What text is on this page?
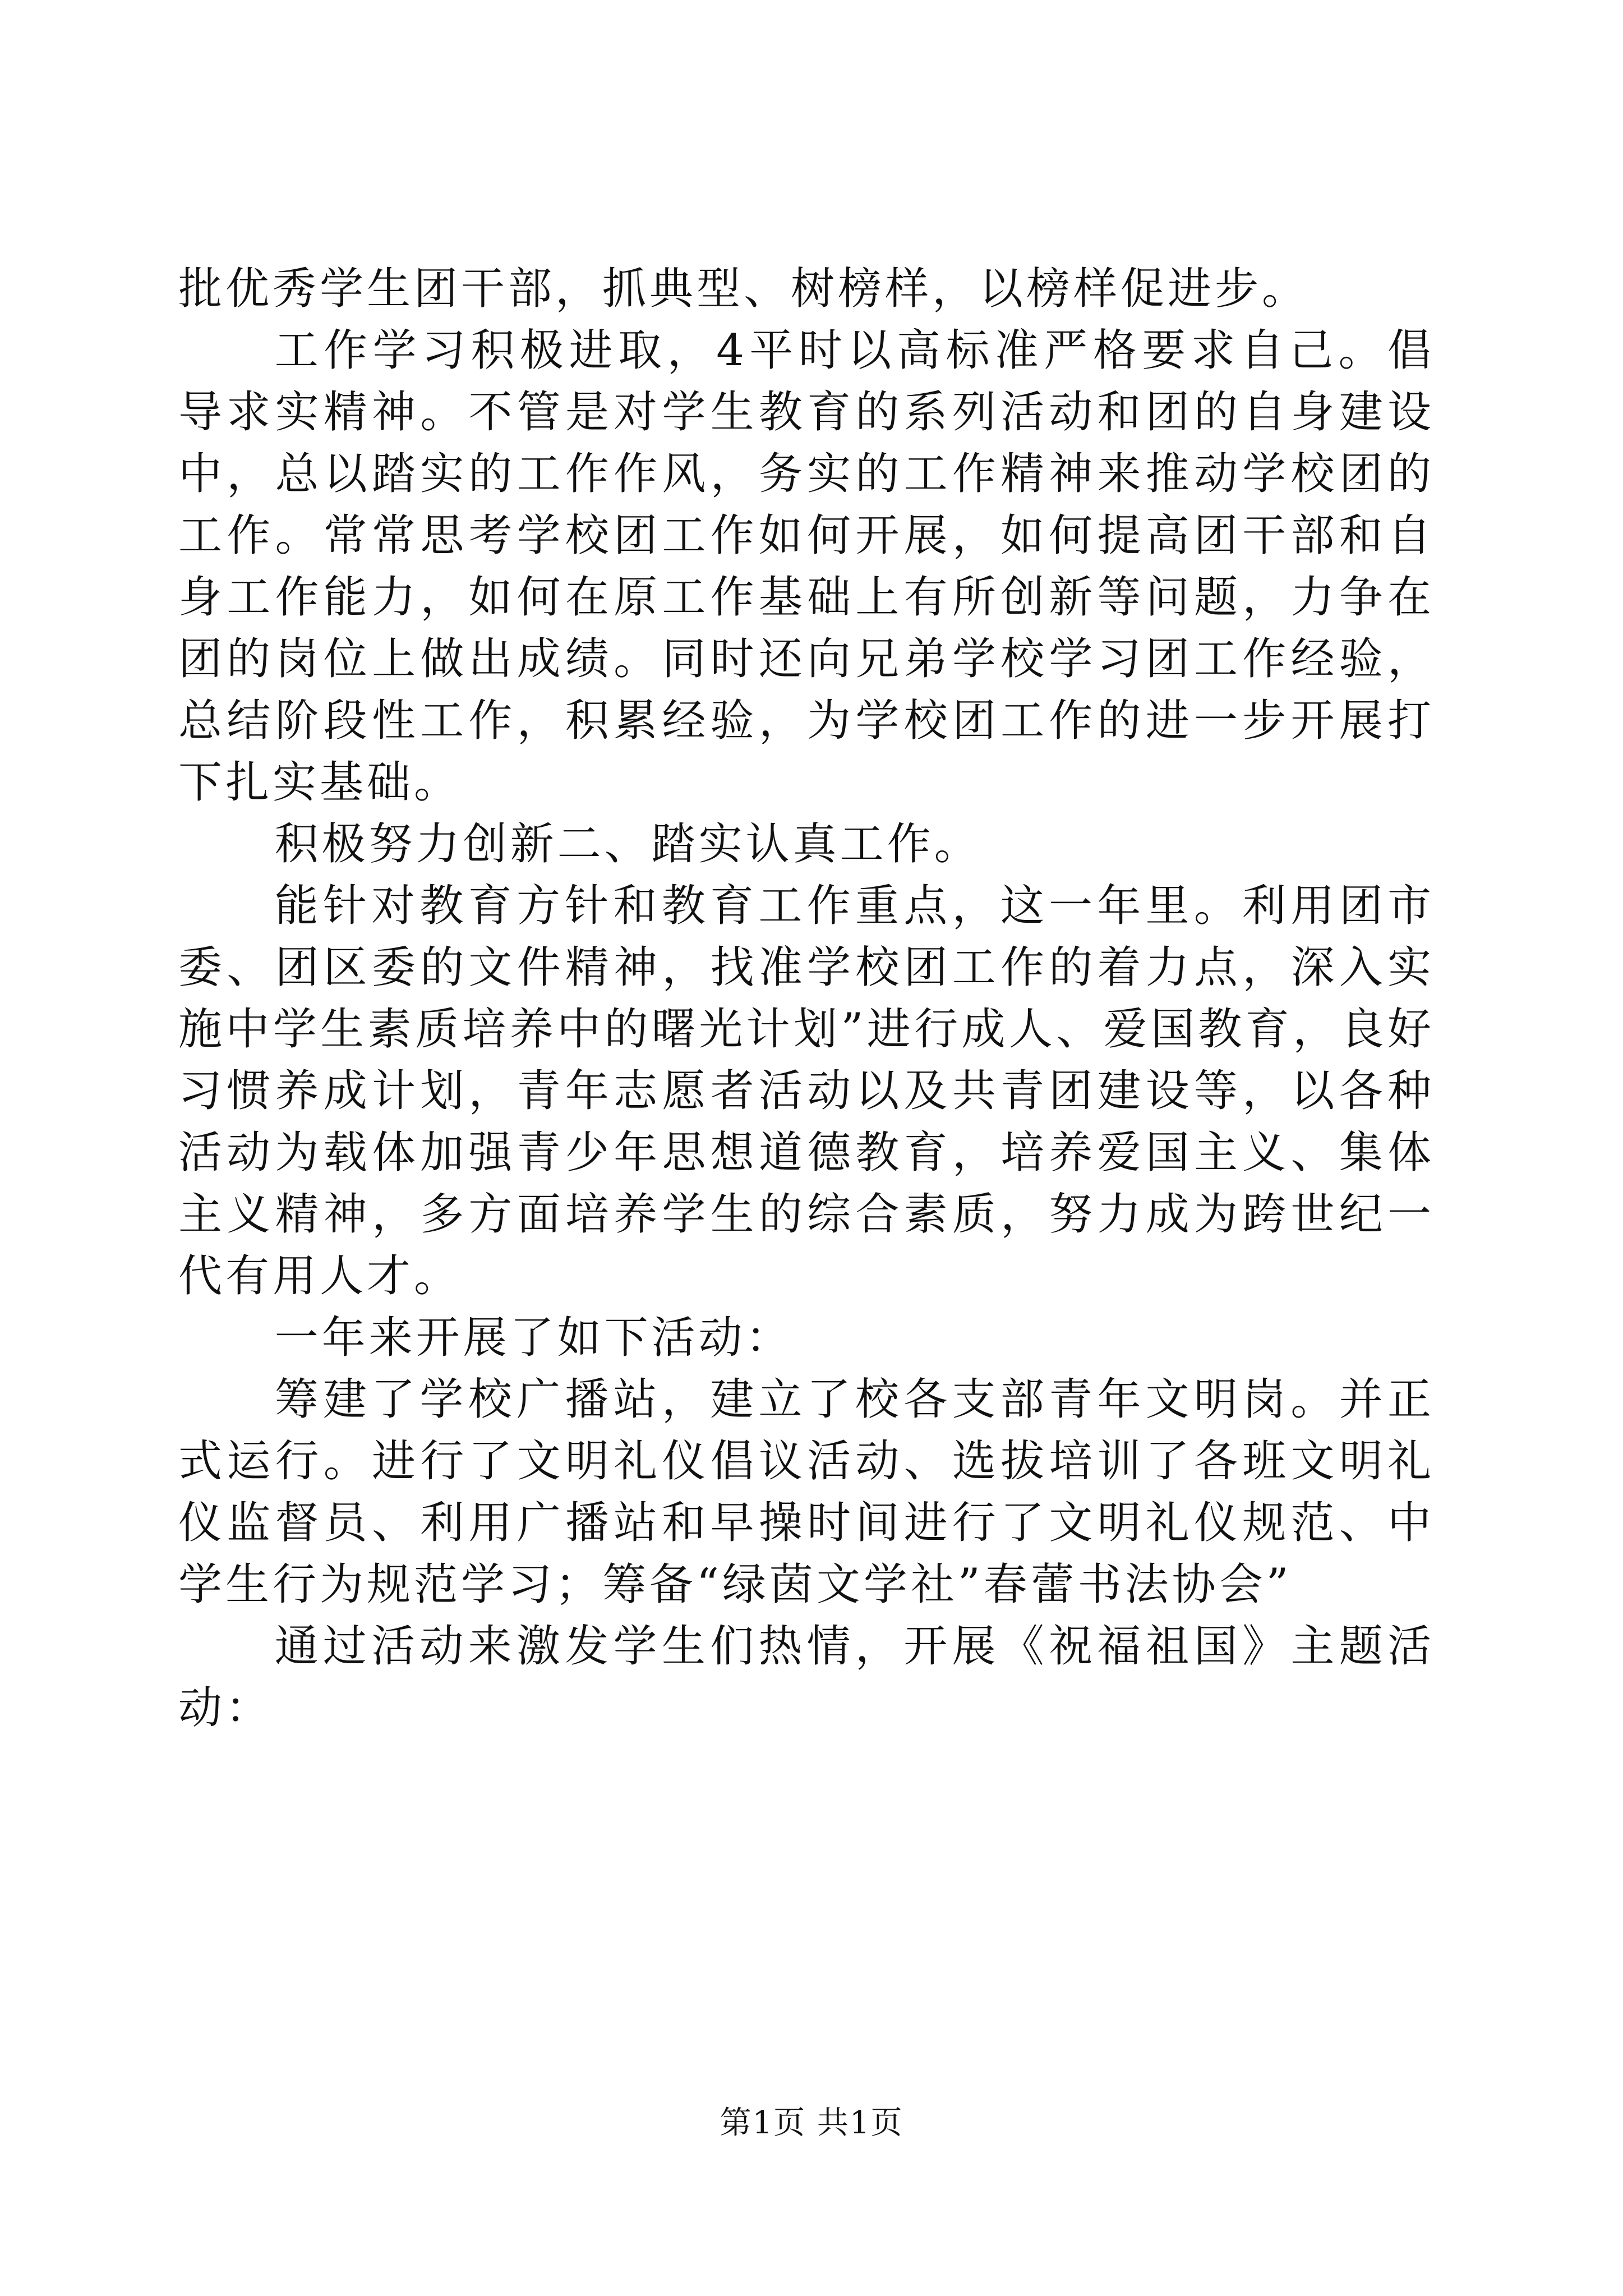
批优秀学生团干部，抓典型、树榜样，以榜样促进步。

工作学习积极进取，4平时以高标准严格要求自己。倡导求实精神。不管是对学生教育的系列活动和团的自身建设中，总以踏实的工作作风，务实的工作精神来推动学校团的工作。常常思考学校团工作如何开展，如何提高团干部和自身工作能力，如何在原工作基础上有所创新等问题，力争在团的岗位上做出成绩。同时还向兄弟学校学习团工作经验，总结阶段性工作，积累经验，为学校团工作的进一步开展打下扎实基础。

积极努力创新二、踏实认真工作。

能针对教育方针和教育工作重点，这一年里。利用团市委、团区委的文件精神，找准学校团工作的着力点，深入实施中学生素质培养中的曙光计划”进行成人、爱国教育，良好习惯养成计划，青年志愿者活动以及共青团建设等，以各种活动为载体加强青少年思想道德教育，培养爱国主义、集体主义精神，多方面培养学生的综合素质，努力成为跨世纪一代有用人才。

一年来开展了如下活动：

筹建了学校广播站，建立了校各支部青年文明岗。并正式运行。进行了文明礼仪倡议活动、选拔培训了各班文明礼仪监督员、利用广播站和早操时间进行了文明礼仪规范、中学生行为规范学习；筹备“绿茵文学社”春蕾书法协会”

通过活动来激发学生们热情，开展《祝福祖国》主题活动：

第1页 共1页
